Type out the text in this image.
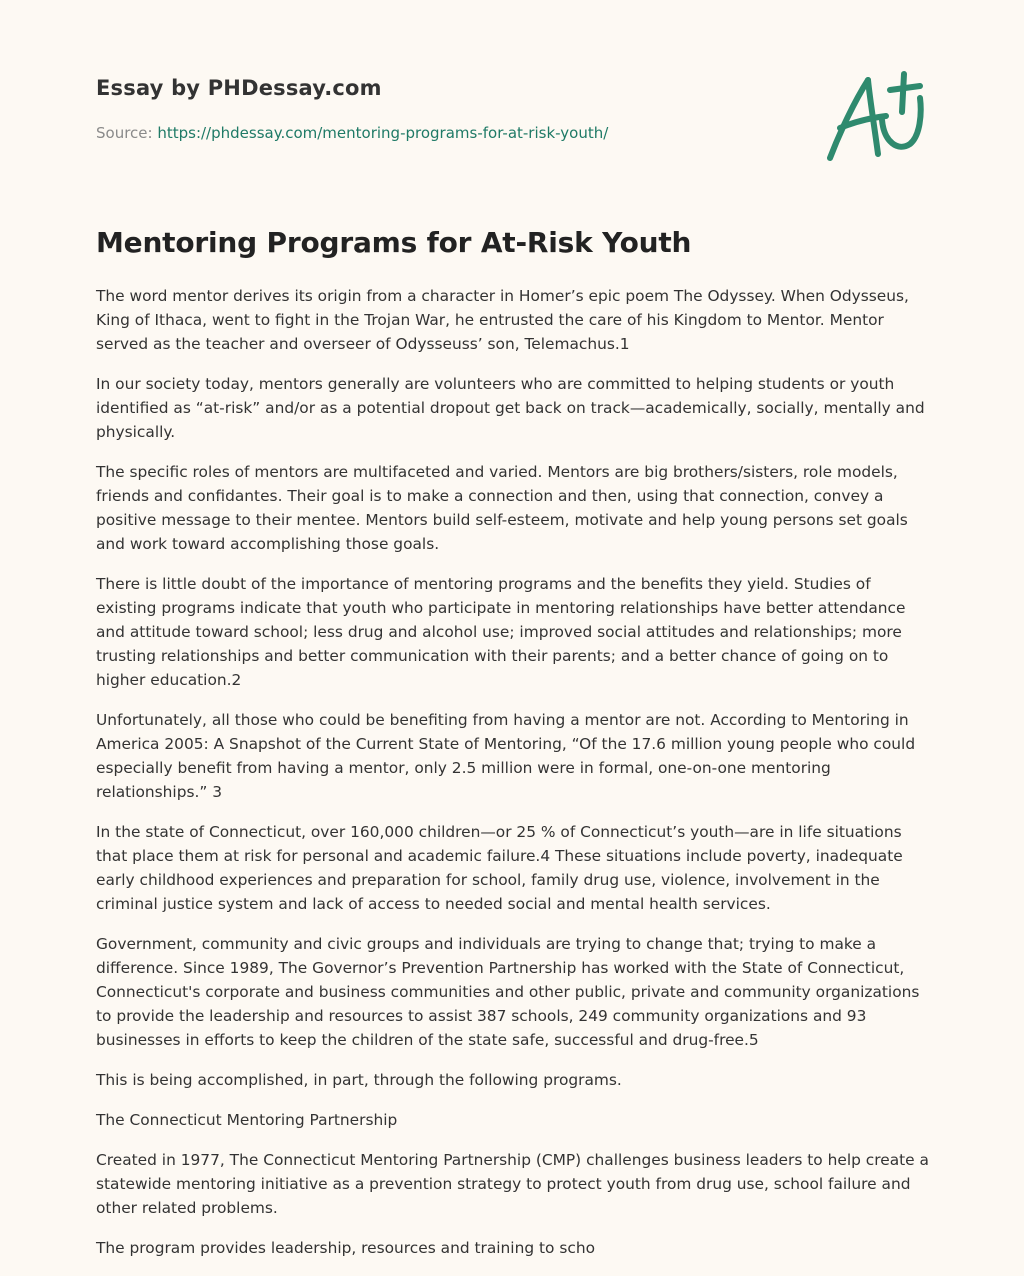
Essay by PHDessay.com
Source: https://phdessay.com/mentoring-programs-for-at-risk-youth/
Mentoring Programs for At-Risk Youth

The word mentor derives its origin from a character in Homer’s epic poem The Odyssey. When Odysseus, King of Ithaca, went to fight in the Trojan War, he entrusted the care of his Kingdom to Mentor. Mentor served as the teacher and overseer of Odysseuss’ son, Telemachus.1

In our society today, mentors generally are volunteers who are committed to helping students or youth identified as “at-risk” and/or as a potential dropout get back on track—academically, socially, mentally and physically.

The specific roles of mentors are multifaceted and varied. Mentors are big brothers/sisters, role models, friends and confidantes. Their goal is to make a connection and then, using that connection, convey a positive message to their mentee. Mentors build self-esteem, motivate and help young persons set goals and work toward accomplishing those goals.

There is little doubt of the importance of mentoring programs and the benefits they yield. Studies of existing programs indicate that youth who participate in mentoring relationships have better attendance and attitude toward school; less drug and alcohol use; improved social attitudes and relationships; more trusting relationships and better communication with their parents; and a better chance of going on to higher education.2

Unfortunately, all those who could be benefiting from having a mentor are not. According to Mentoring in America 2005: A Snapshot of the Current State of Mentoring, “Of the 17.6 million young people who could especially benefit from having a mentor, only 2.5 million were in formal, one-on-one mentoring relationships.” 3

In the state of Connecticut, over 160,000 children—or 25 % of Connecticut’s youth—are in life situations that place them at risk for personal and academic failure.4 These situations include poverty, inadequate early childhood experiences and preparation for school, family drug use, violence, involvement in the criminal justice system and lack of access to needed social and mental health services.

Government, community and civic groups and individuals are trying to change that; trying to make a difference. Since 1989, The Governor’s Prevention Partnership has worked with the State of Connecticut, Connecticut's corporate and business communities and other public, private and community organizations to provide the leadership and resources to assist 387 schools, 249 community organizations and 93 businesses in efforts to keep the children of the state safe, successful and drug-free.5

This is being accomplished, in part, through the following programs.

The Connecticut Mentoring Partnership

Created in 1977, The Connecticut Mentoring Partnership (CMP) challenges business leaders to help create a statewide mentoring initiative as a prevention strategy to protect youth from drug use, school failure and other related problems.

The program provides leadership, resources and training to scho
